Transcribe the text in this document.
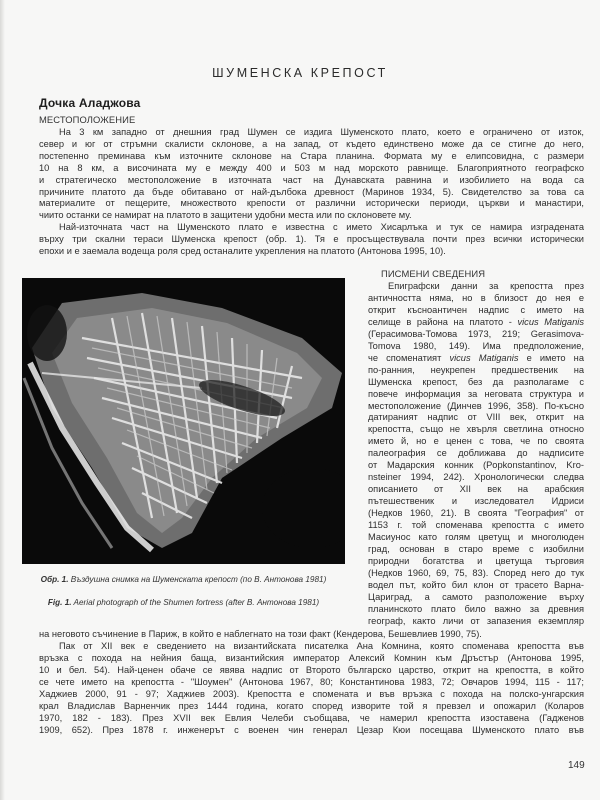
ШУМЕНСКА КРЕПОСТ
Дочка Аладжова
МЕСТОПОЛОЖЕНИЕ
На 3 км западно от днешния град Шумен се издига Шуменското плато, което е ограничено от изток,
север и юг от стръмни скалисти склонове, а на запад, от където единствено може да се стигне до него,
постепенно преминава към източните склонове на Стара планина. Формата му е елипсовидна, с размери
10 на 8 км, а височината му е между 400 и 503 м над морското равнище. Благоприятното географско
и стратегическо местоположение в източната част на Дунавската равнина и изобилието на вода са
причините платото да бъде обитавано от най-дълбока древност (Маринов 1934, 5). Свидетелство за това са
материалите от пещерите, множеството крепости от различни исторически периоди, църкви и манастири,
чиито останки се намират на платото в защитени удобни места или по склоновете му.
Най-източната част на Шуменското плато е известна с името Хисарлъка и тук се намира изградената
върху три скални тераси Шуменска крепост (обр. 1). Тя е просъществувала почти през всички исторически
епохи и е заемала водеща роля сред останалите укрепления на платото (Антонова 1995, 10).
Обр. 1. Въздушна снимка на Шуменската крепост (по В. Антонова 1981)
Fig. 1. Aerial photograph of the Shumen fortress (after В. Антонова 1981)
ПИСМЕНИ СВЕДЕНИЯ
Епиграфски данни за крепостта през
античността няма, но в близост до нея е
открит късноантичен надпис с името на
селище в района на платото - vicus Matiganis
(Герасимова-Томова 1973, 219; Gerasimova-
Tomova 1980, 149). Има предположение,
че споменатият vicus Matiganis е името на
по-ранния, неукрепен предшественик на
Шуменска крепост, без да разполагаме с
повече информация за неговата структура и
местоположение (Динчев 1996, 358). По-късно
датираният надпис от VIII век, открит на
крепостта, също не хвърля светлина относно
името й, но е ценен с това, че по своята
палеография се доближава до надписите
от Мадарския конник (Popkonstantinov, Kro-
nsteiner 1994, 242). Хронологически следва
описанието от XII век на арабския
пътешественик и изследовател Идриси
(Недков 1960, 21). В своята "География" от
1153 г. той споменава крепостта с името
Масиунос като голям цветущ и многолюден
град, основан в старо време с изобилни
природни богатства и цветуща търговия
(Недков 1960, 69, 75, 83). Според него до тук
водел път, който бил клон от трасето Варна-
Цариград, а самото разположение върху
планинското плато било важно за древния
географ, както личи от запазения екземпляр
на неговото съчинение в Париж, в който е наблегнато на този факт (Кендерова, Бешевлиев 1990, 75).
Пак от XII век е сведението на византийската писателка Ана Комнина, която споменава крепостта във
връзка с похода на нейния баща, византийския император Алексий Комнин към Дръстър (Антонова 1995,
10 и бел. 54). Най-ценен обаче се явява надпис от Второто българско царство, открит на крепостта, в който
се чете името на крепостта - "Шоумен" (Антонова 1967, 80; Константинова 1983, 72; Овчаров 1994, 115 - 117;
Хаджиев 2000, 91 - 97; Хаджиев 2003). Крепостта е спомената и във връзка с похода на полско-унгарския
крал Владислав Варненчик през 1444 година, когато според изворите той я превзел и опожарил (Коларов
1970, 182 - 183). През XVII век Евлия Челеби съобщава, че намерил крепостта изоставена (Гадженов
1909, 652). През 1878 г. инженерът с военен чин генерал Цезар Кюи посещава Шуменското плато във
149
